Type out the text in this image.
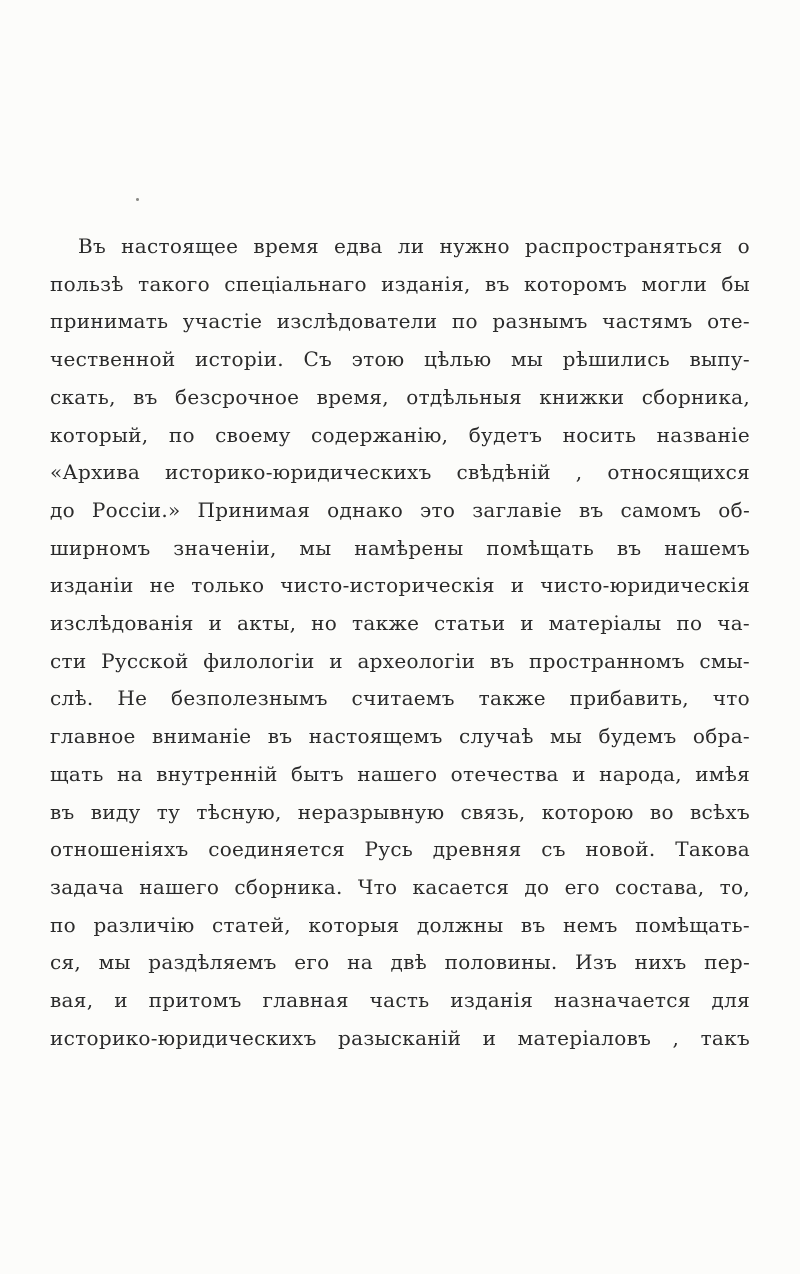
Въ настоящее время едва ли нужно распространяться о
пользѣ такого спеціальнаго изданія, въ которомъ могли бы
принимать участіе изслѣдователи по разнымъ частямъ оте-
чественной исторіи. Съ этою цѣлью мы рѣшились выпу-
скать, въ безсрочное время, отдѣльныя книжки сборника,
который, по своему содержанію, будетъ носить названіе
«Архива историко-юридическихъ свѣдѣній , относящихся
до Россіи.» Принимая однако это заглавіе въ самомъ об-
ширномъ значеніи, мы намѣрены помѣщать въ нашемъ
изданіи не только чисто-историческія и чисто-юридическія
изслѣдованія и акты, но также статьи и матеріалы по ча-
сти Русской филологіи и археологіи въ пространномъ смы-
слѣ. Не безполезнымъ считаемъ также прибавить, что
главное вниманіе въ настоящемъ случаѣ мы будемъ обра-
щать на внутренній бытъ нашего отечества и народа, имѣя
въ виду ту тѣсную, неразрывную связь, которою во всѣхъ
отношеніяхъ соединяется Русь древняя съ новой. Такова
задача нашего сборника. Что касается до его состава, то,
по различію статей, которыя должны въ немъ помѣщать-
ся, мы раздѣляемъ его на двѣ половины. Изъ нихъ пер-
вая, и притомъ главная часть изданія назначается для
историко-юридическихъ разысканій и матеріаловъ , такъ
